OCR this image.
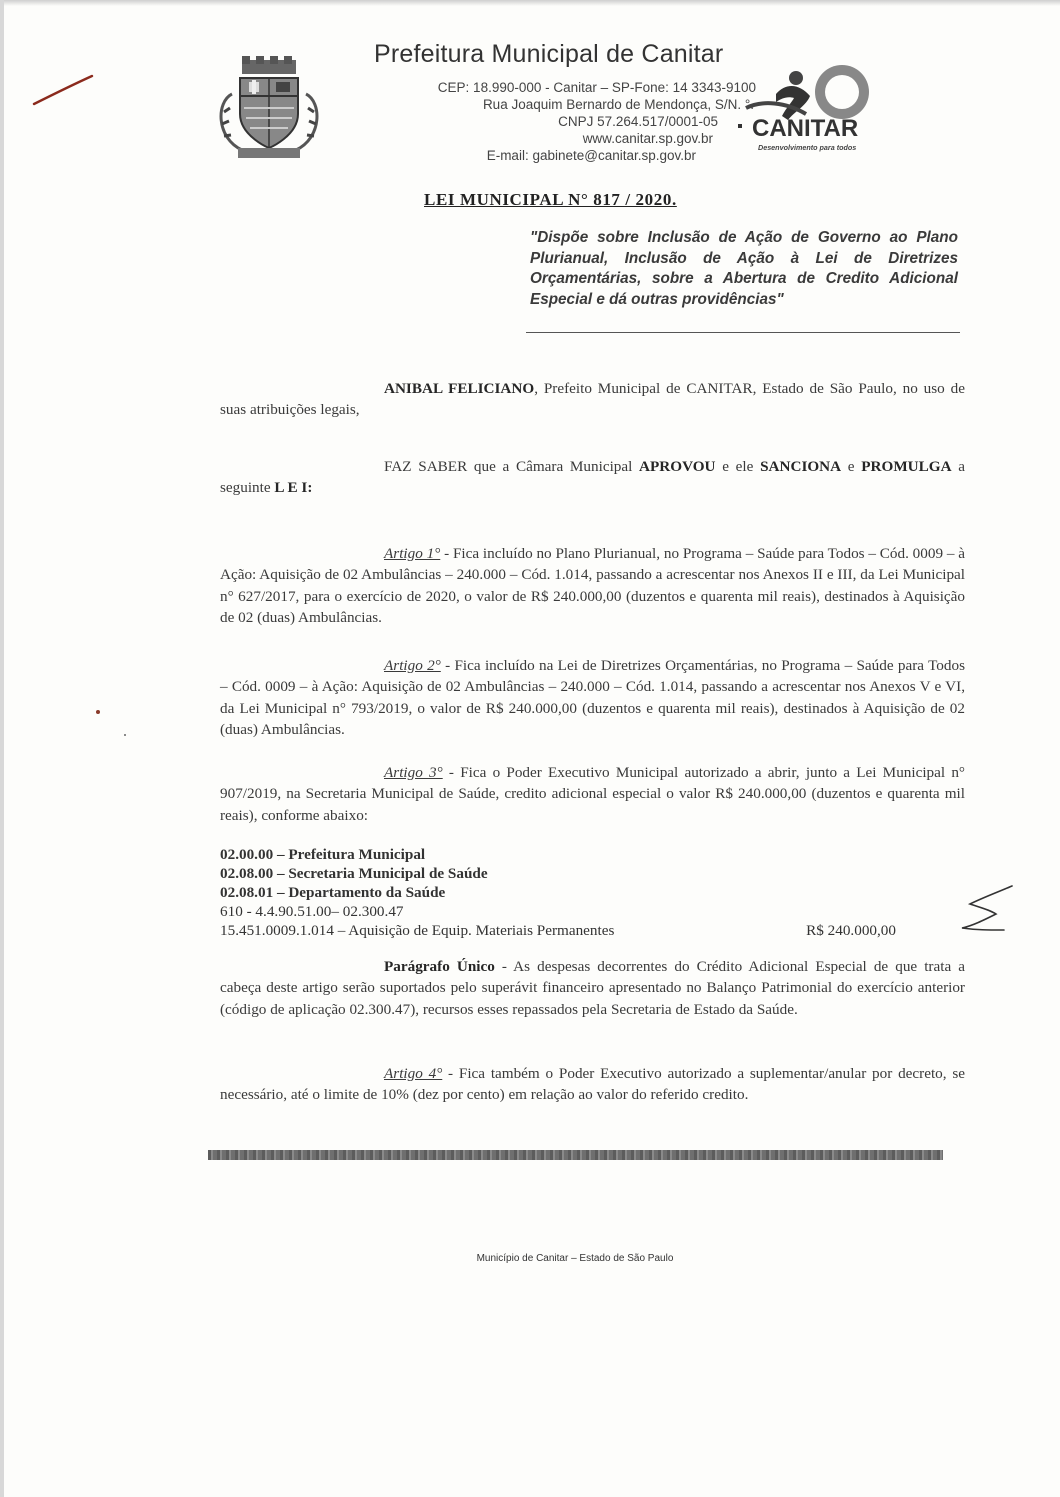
Prefeitura Municipal de Canitar
CEP: 18.990-000 - Canitar – SP-Fone: 14 3343-9100
Rua Joaquim Bernardo de Mendonça, S/N. °.
CNPJ 57.264.517/0001-05
www.canitar.sp.gov.br
E-mail: gabinete@canitar.sp.gov.br
CANITAR
Desenvolvimento para todos
LEI MUNICIPAL N° 817 / 2020.
"Dispõe sobre Inclusão de Ação de Governo ao Plano Plurianual, Inclusão de Ação à Lei de Diretrizes Orçamentárias, sobre a Abertura de Credito Adicional Especial e dá outras providências"
ANIBAL FELICIANO, Prefeito Municipal de CANITAR, Estado de São Paulo, no uso de suas atribuições legais,
FAZ SABER que a Câmara Municipal APROVOU e ele SANCIONA e PROMULGA a seguinte L E I:
Artigo 1° - Fica incluído no Plano Plurianual, no Programa – Saúde para Todos – Cód. 0009 – à Ação: Aquisição de 02 Ambulâncias – 240.000 – Cód. 1.014, passando a acrescentar nos Anexos II e III, da Lei Municipal n° 627/2017, para o exercício de 2020, o valor de R$ 240.000,00 (duzentos e quarenta mil reais), destinados à Aquisição de 02 (duas) Ambulâncias.
Artigo 2° - Fica incluído na Lei de Diretrizes Orçamentárias, no Programa – Saúde para Todos – Cód. 0009 – à Ação: Aquisição de 02 Ambulâncias – 240.000 – Cód. 1.014, passando a acrescentar nos Anexos V e VI, da Lei Municipal n° 793/2019, o valor de R$ 240.000,00 (duzentos e quarenta mil reais), destinados à Aquisição de 02 (duas) Ambulâncias.
Artigo 3° - Fica o Poder Executivo Municipal autorizado a abrir, junto a Lei Municipal n° 907/2019, na Secretaria Municipal de Saúde, credito adicional especial o valor R$ 240.000,00 (duzentos e quarenta mil reais), conforme abaixo:
02.00.00 – Prefeitura Municipal
02.08.00 – Secretaria Municipal de Saúde
02.08.01 – Departamento da Saúde
610 - 4.4.90.51.00– 02.300.47
15.451.0009.1.014 – Aquisição de Equip. Materiais Permanentes	R$ 240.000,00
Parágrafo Único - As despesas decorrentes do Crédito Adicional Especial de que trata a cabeça deste artigo serão suportados pelo superávit financeiro apresentado no Balanço Patrimonial do exercício anterior (código de aplicação 02.300.47), recursos esses repassados pela Secretaria de Estado da Saúde.
Artigo 4° - Fica também o Poder Executivo autorizado a suplementar/anular por decreto, se necessário, até o limite de 10% (dez por cento) em relação ao valor do referido credito.
Município de Canitar – Estado de São Paulo
